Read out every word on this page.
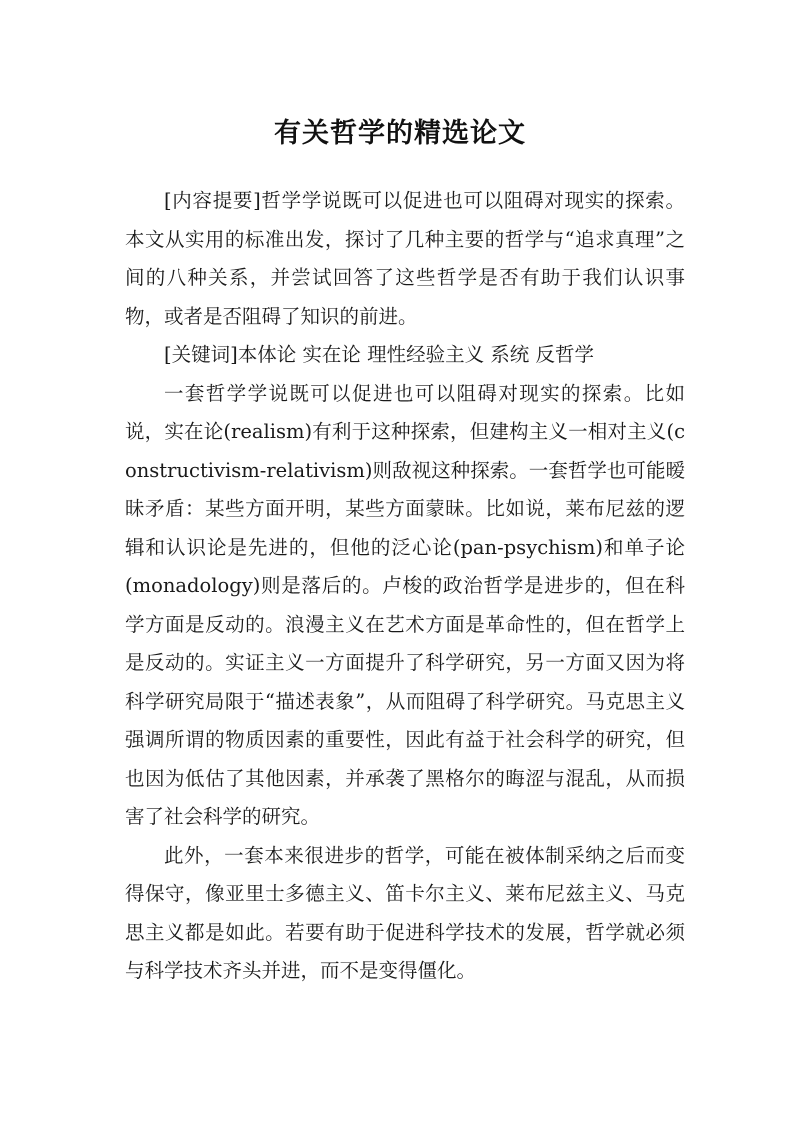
有关哲学的精选论文

[内容提要]哲学学说既可以促进也可以阻碍对现实的探索。本文从实用的标准出发，探讨了几种主要的哲学与“追求真理”之间的八种关系，并尝试回答了这些哲学是否有助于我们认识事物，或者是否阻碍了知识的前进。

[关键词]本体论 实在论 理性经验主义 系统 反哲学

一套哲学学说既可以促进也可以阻碍对现实的探索。比如说，实在论(realism)有利于这种探索，但建构主义一相对主义(constructivism-relativism)则敌视这种探索。一套哲学也可能暧昧矛盾：某些方面开明，某些方面蒙昧。比如说，莱布尼兹的逻辑和认识论是先进的，但他的泛心论(pan-psychism)和单子论(monadology)则是落后的。卢梭的政治哲学是进步的，但在科学方面是反动的。浪漫主义在艺术方面是革命性的，但在哲学上是反动的。实证主义一方面提升了科学研究，另一方面又因为将科学研究局限于“描述表象”，从而阻碍了科学研究。马克思主义强调所谓的物质因素的重要性，因此有益于社会科学的研究，但也因为低估了其他因素，并承袭了黑格尔的晦涩与混乱，从而损害了社会科学的研究。

此外，一套本来很进步的哲学，可能在被体制采纳之后而变得保守，像亚里士多德主义、笛卡尔主义、莱布尼兹主义、马克思主义都是如此。若要有助于促进科学技术的发展，哲学就必须与科学技术齐头并进，而不是变得僵化。
